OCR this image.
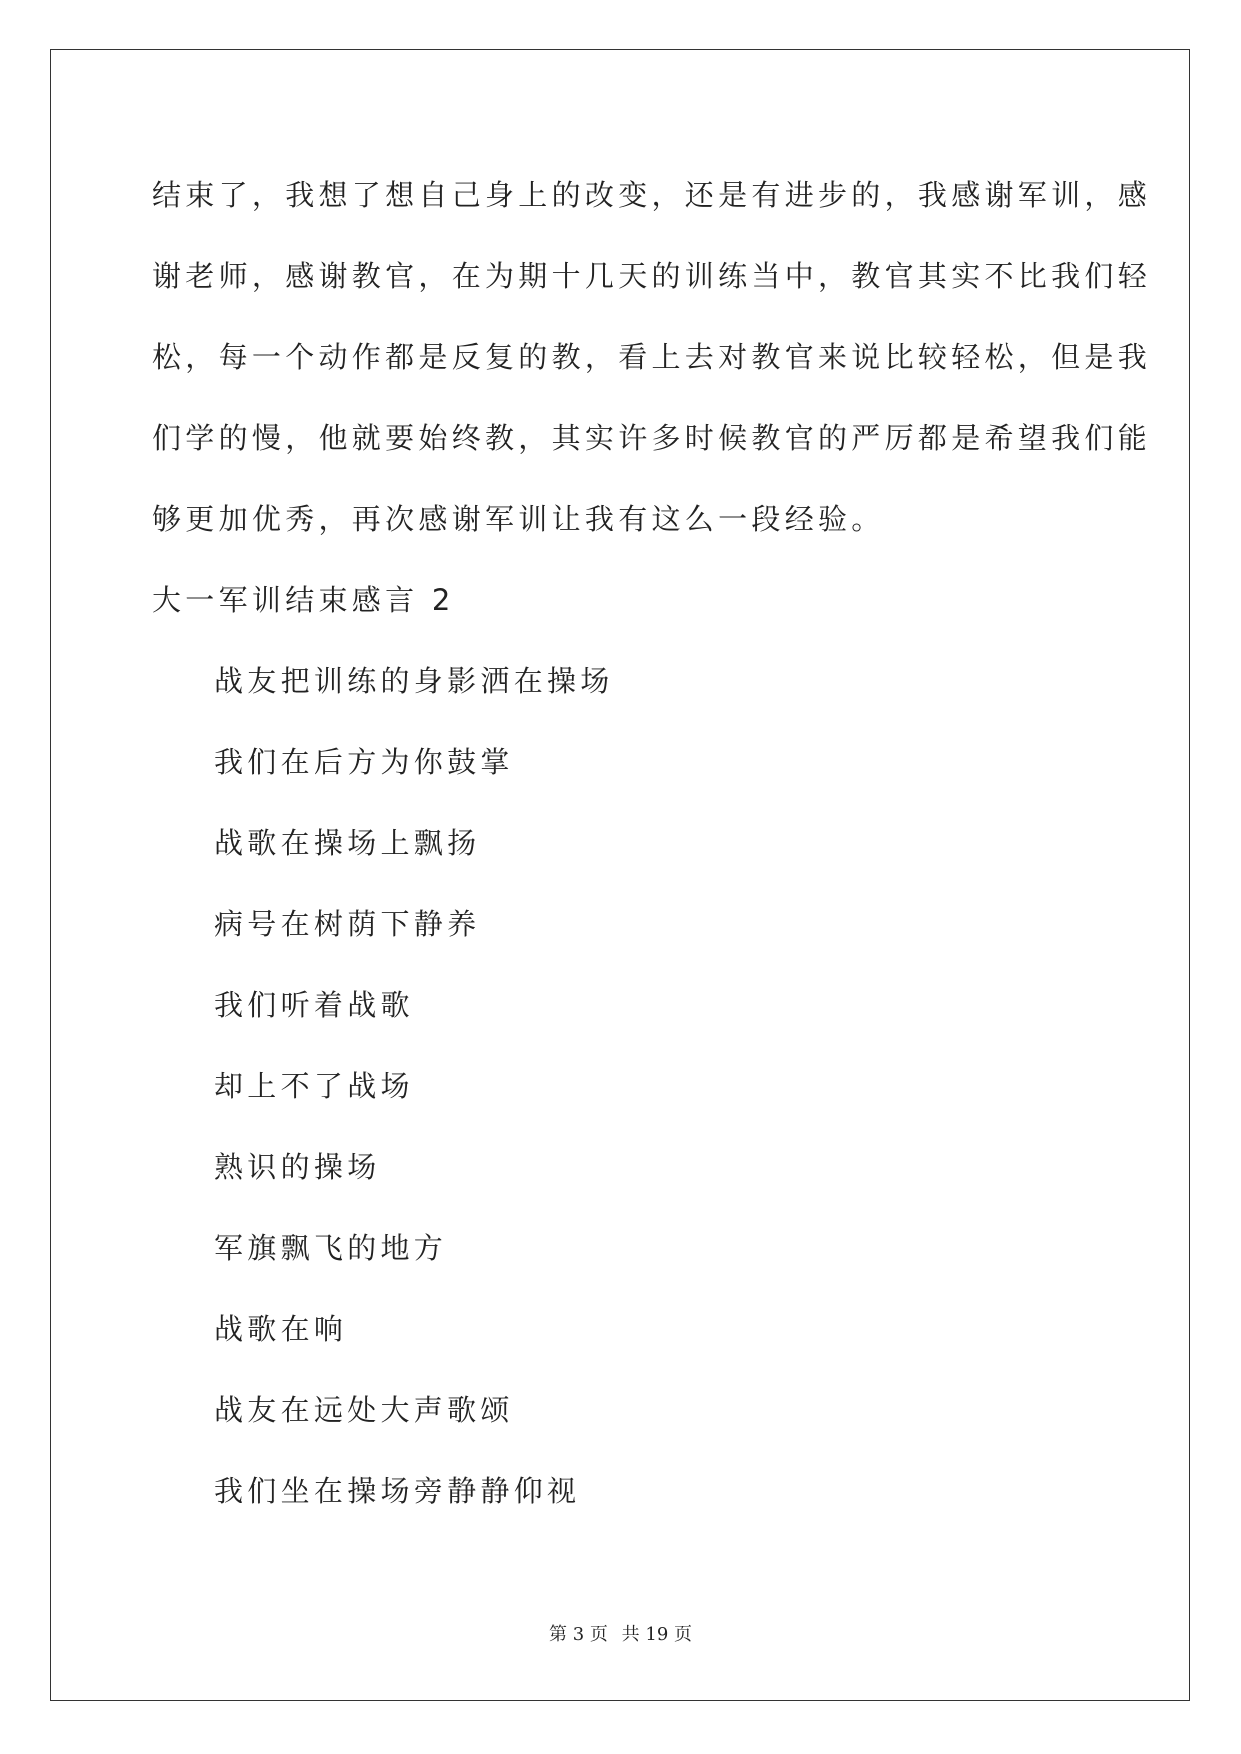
结束了，我想了想自己身上的改变，还是有进步的，我感谢军训，感
谢老师，感谢教官，在为期十几天的训练当中，教官其实不比我们轻
松，每一个动作都是反复的教，看上去对教官来说比较轻松，但是我
们学的慢，他就要始终教，其实许多时候教官的严厉都是希望我们能
够更加优秀，再次感谢军训让我有这么一段经验。
大一军训结束感言 2
战友把训练的身影洒在操场
我们在后方为你鼓掌
战歌在操场上飘扬
病号在树荫下静养
我们听着战歌
却上不了战场
熟识的操场
军旗飘飞的地方
战歌在响
战友在远处大声歌颂
我们坐在操场旁静静仰视
第 3 页 共 19 页
